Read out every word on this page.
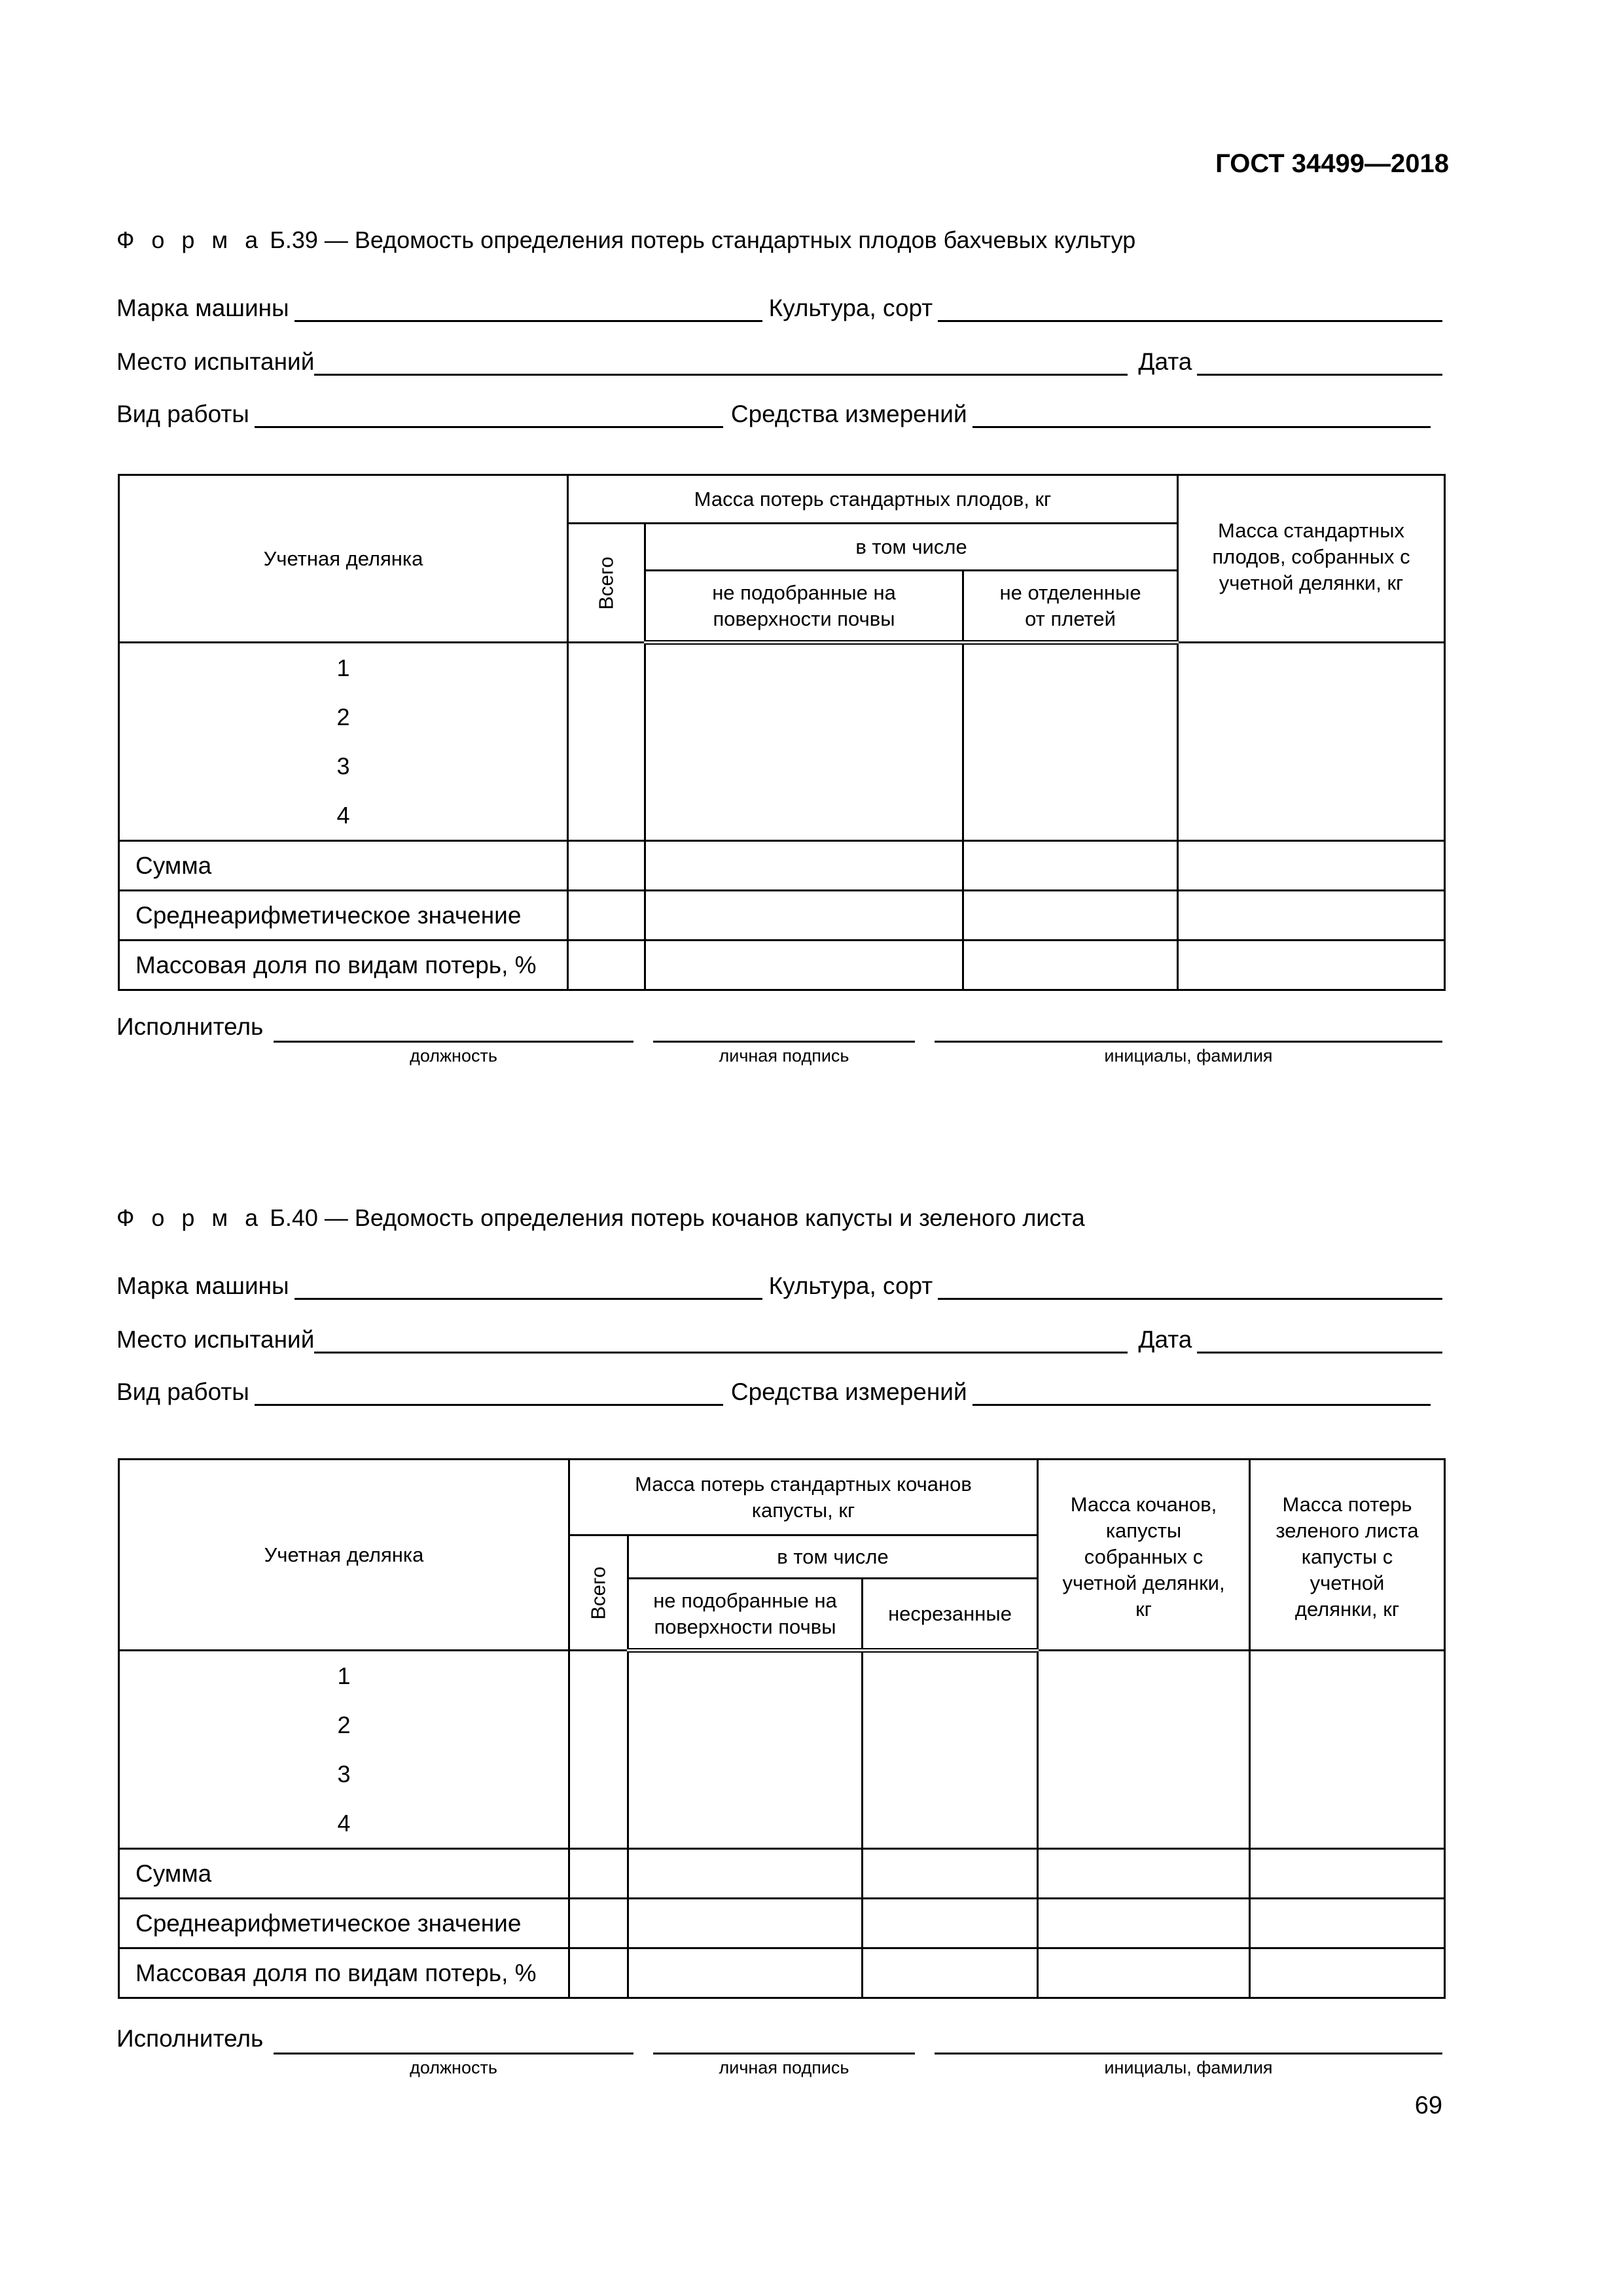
ГОСТ 34499—2018
Ф о р м а Б.39 — Ведомость определения потерь стандартных плодов бахчевых культур
Марка машины	Культура, сорт
Место испытаний	Дата
Вид работы	Средства измерений
Учетная делянка	Масса потерь стандартных плодов, кг			Масса стандартных плодов, собранных с учетной делянки, кг
	Всего	в том числе		
		не подобранные на поверхности почвы	не отделенные от плетей	

1
2
3
4				

Сумма				
Среднеарифметическое значение				
Массовая доля по видам потерь, %				
Исполнитель
должность	личная подпись	инициалы, фамилия
Ф о р м а Б.40 — Ведомость определения потерь кочанов капусты и зеленого листа
Марка машины	Культура, сорт
Место испытаний	Дата
Вид работы	Средства измерений
Учетная делянка	Масса потерь стандартных кочанов капусты, кг			Масса кочанов, капусты собранных с учетной делянки, кг	Масса потерь зеленого листа капусты с учетной делянки, кг
	Всего	в том числе			
		не подобранные на поверхности почвы	несрезанные		

1
2
3
4					

Сумма					
Среднеарифметическое значение					
Массовая доля по видам потерь, %					
Исполнитель
должность	личная подпись	инициалы, фамилия
69
